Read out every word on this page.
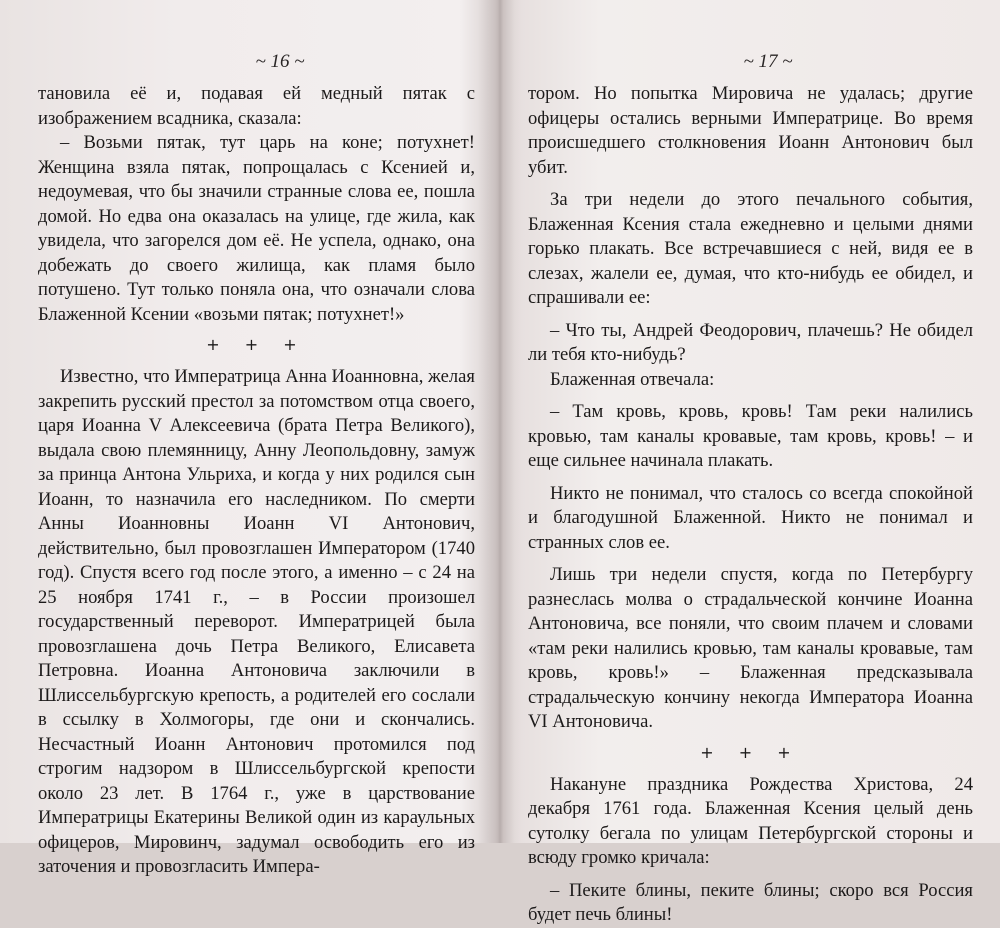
~ 16 ~

тановила её и, подавая ей медный пятак с изображением всадника, сказала:

– Возьми пятак, тут царь на коне; потухнет! Женщина взяла пятак, попрощалась с Ксенией и, недоумевая, что бы значили странные слова ее, пошла домой. Но едва она оказалась на улице, где жила, как увидела, что загорелся дом её. Не успела, однако, она добежать до своего жилища, как пламя было потушено. Тут только поняла она, что означали слова Блаженной Ксении «возьми пятак; потухнет!»

+ + +

Известно, что Императрица Анна Иоанновна, желая закрепить русский престол за потомством отца своего, царя Иоанна V Алексеевича (брата Петра Великого), выдала свою племянницу, Анну Леопольдовну, замуж за принца Антона Ульриха, и когда у них родился сын Иоанн, то назначила его наследником. По смерти Анны Иоанновны Иоанн VI Антонович, действительно, был провозглашен Императором (1740 год). Спустя всего год после этого, а именно – с 24 на 25 ноября 1741 г., – в России произошел государственный переворот. Императрицей была провозглашена дочь Петра Великого, Елисавета Петровна. Иоанна Антоновича заключили в Шлиссельбургскую крепость, а родителей его сослали в ссылку в Холмогоры, где они и скончались. Несчастный Иоанн Антонович протомился под строгим надзором в Шлиссельбургской крепости около 23 лет. В 1764 г., уже в царствование Императрицы Екатерины Великой один из караульных офицеров, Мировинч, задумал освободить его из заточения и провозгласить Импера-

~ 17 ~

тором. Но попытка Мировича не удалась; другие офицеры остались верными Императрице. Во время происшедшего столкновения Иоанн Антонович был убит.

За три недели до этого печального события, Блаженная Ксения стала ежедневно и целыми днями горько плакать. Все встречавшиеся с ней, видя ее в слезах, жалели ее, думая, что кто-нибудь ее обидел, и спрашивали ее:

– Что ты, Андрей Феодорович, плачешь? Не обидел ли тебя кто-нибудь?

Блаженная отвечала:

– Там кровь, кровь, кровь! Там реки налились кровью, там каналы кровавые, там кровь, кровь! – и еще сильнее начинала плакать.

Никто не понимал, что сталось со всегда спокойной и благодушной Блаженной. Никто не понимал и странных слов ее.

Лишь три недели спустя, когда по Петербургу разнеслась молва о страдальческой кончине Иоанна Антоновича, все поняли, что своим плачем и словами «там реки налились кровью, там каналы кровавые, там кровь, кровь!» – Блаженная предсказывала страдальческую кончину некогда Императора Иоанна VI Антоновича.

+ + +

Накануне праздника Рождества Христова, 24 декабря 1761 года. Блаженная Ксения целый день сутолку бегала по улицам Петербургской стороны и всюду громко кричала:

– Пеките блины, пеките блины; скоро вся Россия будет печь блины!
